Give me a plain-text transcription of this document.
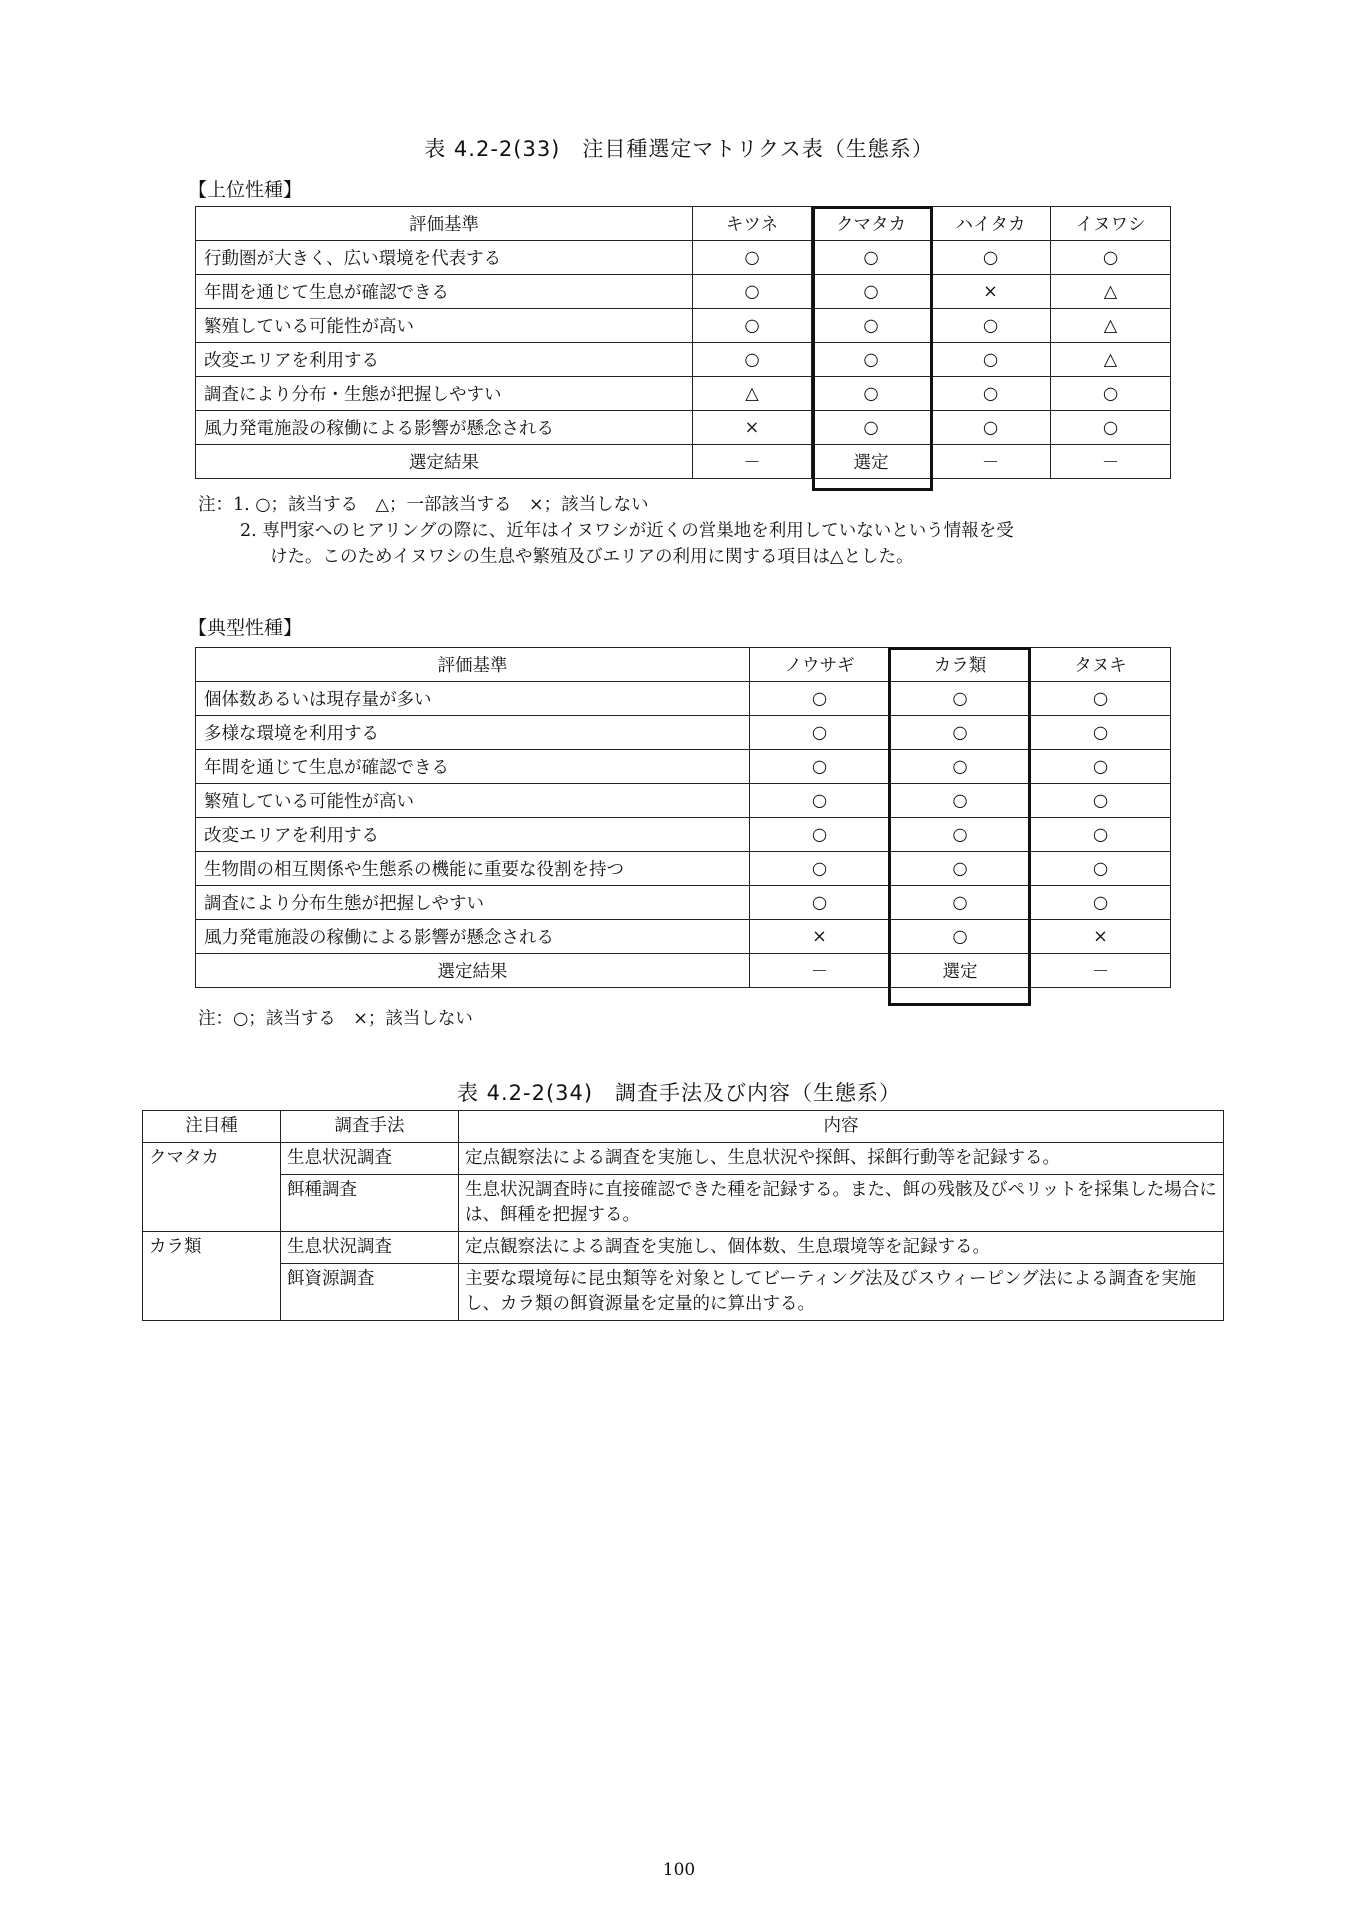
表 4.2-2(33)　注目種選定マトリクス表（生態系）
【上位性種】
評価基準	キツネ	クマタカ	ハイタカ	イヌワシ
行動圏が大きく、広い環境を代表する	○	○	○	○
年間を通じて生息が確認できる	○	○	×	△
繁殖している可能性が高い	○	○	○	△
改変エリアを利用する	○	○	○	△
調査により分布・生態が把握しやすい	△	○	○	○
風力発電施設の稼働による影響が懸念される	×	○	○	○
選定結果	－	選定	－	－
注：1. ○；該当する　△；一部該当する　×；該当しない
2. 専門家へのヒアリングの際に、近年はイヌワシが近くの営巣地を利用していないという情報を受
けた。このためイヌワシの生息や繁殖及びエリアの利用に関する項目は△とした。
【典型性種】
評価基準	ノウサギ	カラ類	タヌキ
個体数あるいは現存量が多い	○	○	○
多様な環境を利用する	○	○	○
年間を通じて生息が確認できる	○	○	○
繁殖している可能性が高い	○	○	○
改変エリアを利用する	○	○	○
生物間の相互関係や生態系の機能に重要な役割を持つ	○	○	○
調査により分布生態が把握しやすい	○	○	○
風力発電施設の稼働による影響が懸念される	×	○	×
選定結果	－	選定	－
注：○；該当する　×；該当しない
表 4.2-2(34)　調査手法及び内容（生態系）
注目種	調査手法	内容
クマタカ	生息状況調査	定点観察法による調査を実施し、生息状況や探餌、採餌行動等を記録する。
	餌種調査	生息状況調査時に直接確認できた種を記録する。また、餌の残骸及びペリットを採集した場合には、餌種を把握する。
カラ類	生息状況調査	定点観察法による調査を実施し、個体数、生息環境等を記録する。
	餌資源調査	主要な環境毎に昆虫類等を対象としてビーティング法及びスウィーピング法による調査を実施し、カラ類の餌資源量を定量的に算出する。
100
